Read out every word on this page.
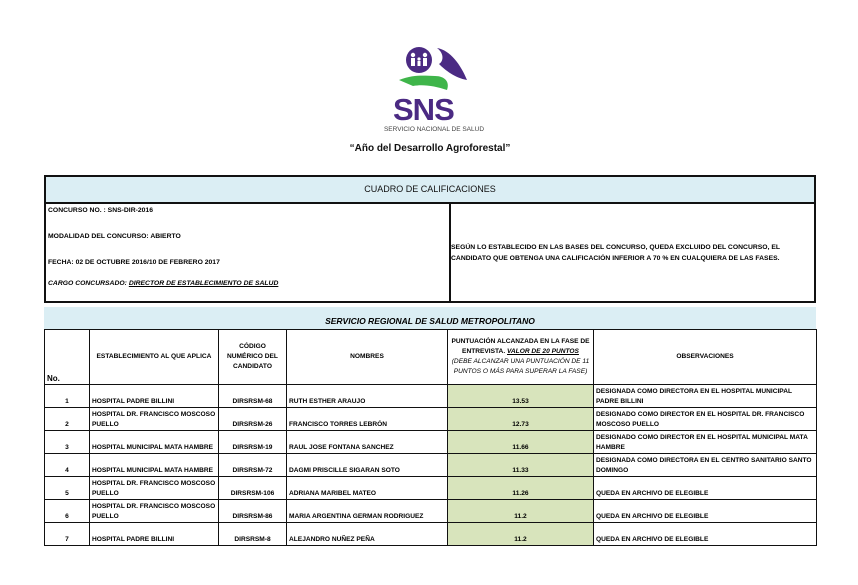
SNS
SERVICIO NACIONAL DE SALUD
“Año del Desarrollo Agroforestal”
CUADRO DE CALIFICACIONES
CONCURSO NO. : SNS-DIR-2016
MODALIDAD DEL CONCURSO: ABIERTO
FECHA: 02 DE OCTUBRE 2016/10 DE FEBRERO 2017
CARGO CONCURSADO: DIRECTOR DE ESTABLECIMIENTO DE SALUD
SEGÚN LO ESTABLECIDO EN LAS BASES DEL CONCURSO, QUEDA EXCLUIDO DEL CONCURSO, EL CANDIDATO QUE OBTENGA UNA CALIFICACIÓN INFERIOR A 70 % EN CUALQUIERA DE LAS FASES.
SERVICIO REGIONAL DE SALUD METROPOLITANO
No.	ESTABLECIMIENTO AL QUE APLICA	CÓDIGO NUMÉRICO DEL CANDIDATO	NOMBRES	PUNTUACIÓN ALCANZADA EN LA FASE DE ENTREVISTA. VALOR DE 20 PUNTOS
(DEBE ALCANZAR UNA PUNTUACIÓN DE 11 PUNTOS O MÁS PARA SUPERAR LA FASE)	OBSERVACIONES
1	HOSPITAL PADRE BILLINI	DIRSRSM-68	RUTH ESTHER ARAUJO	13.53	DESIGNADA COMO DIRECTORA EN EL HOSPITAL MUNICIPAL PADRE BILLINI
2	HOSPITAL DR. FRANCISCO MOSCOSO PUELLO	DIRSRSM-26	FRANCISCO TORRES LEBRÓN	12.73	DESIGNADO COMO DIRECTOR EN EL HOSPITAL DR. FRANCISCO MOSCOSO PUELLO
3	HOSPITAL MUNICIPAL MATA HAMBRE	DIRSRSM-19	RAUL JOSE FONTANA SANCHEZ	11.66	DESIGNADO COMO DIRECTOR EN EL HOSPITAL MUNICIPAL MATA HAMBRE
4	HOSPITAL MUNICIPAL MATA HAMBRE	DIRSRSM-72	DAGMI PRISCILLE SIGARAN SOTO	11.33	DESIGNADA COMO DIRECTORA EN EL CENTRO SANITARIO SANTO DOMINGO
5	HOSPITAL DR. FRANCISCO MOSCOSO PUELLO	DIRSRSM-106	ADRIANA MARIBEL MATEO	11.26	QUEDA EN ARCHIVO DE ELEGIBLE
6	HOSPITAL DR. FRANCISCO MOSCOSO PUELLO	DIRSRSM-86	MARIA ARGENTINA GERMAN RODRIGUEZ	11.2	QUEDA EN ARCHIVO DE ELEGIBLE
7	HOSPITAL PADRE BILLINI	DIRSRSM-8	ALEJANDRO NUÑEZ PEÑA	11.2	QUEDA EN ARCHIVO DE ELEGIBLE
